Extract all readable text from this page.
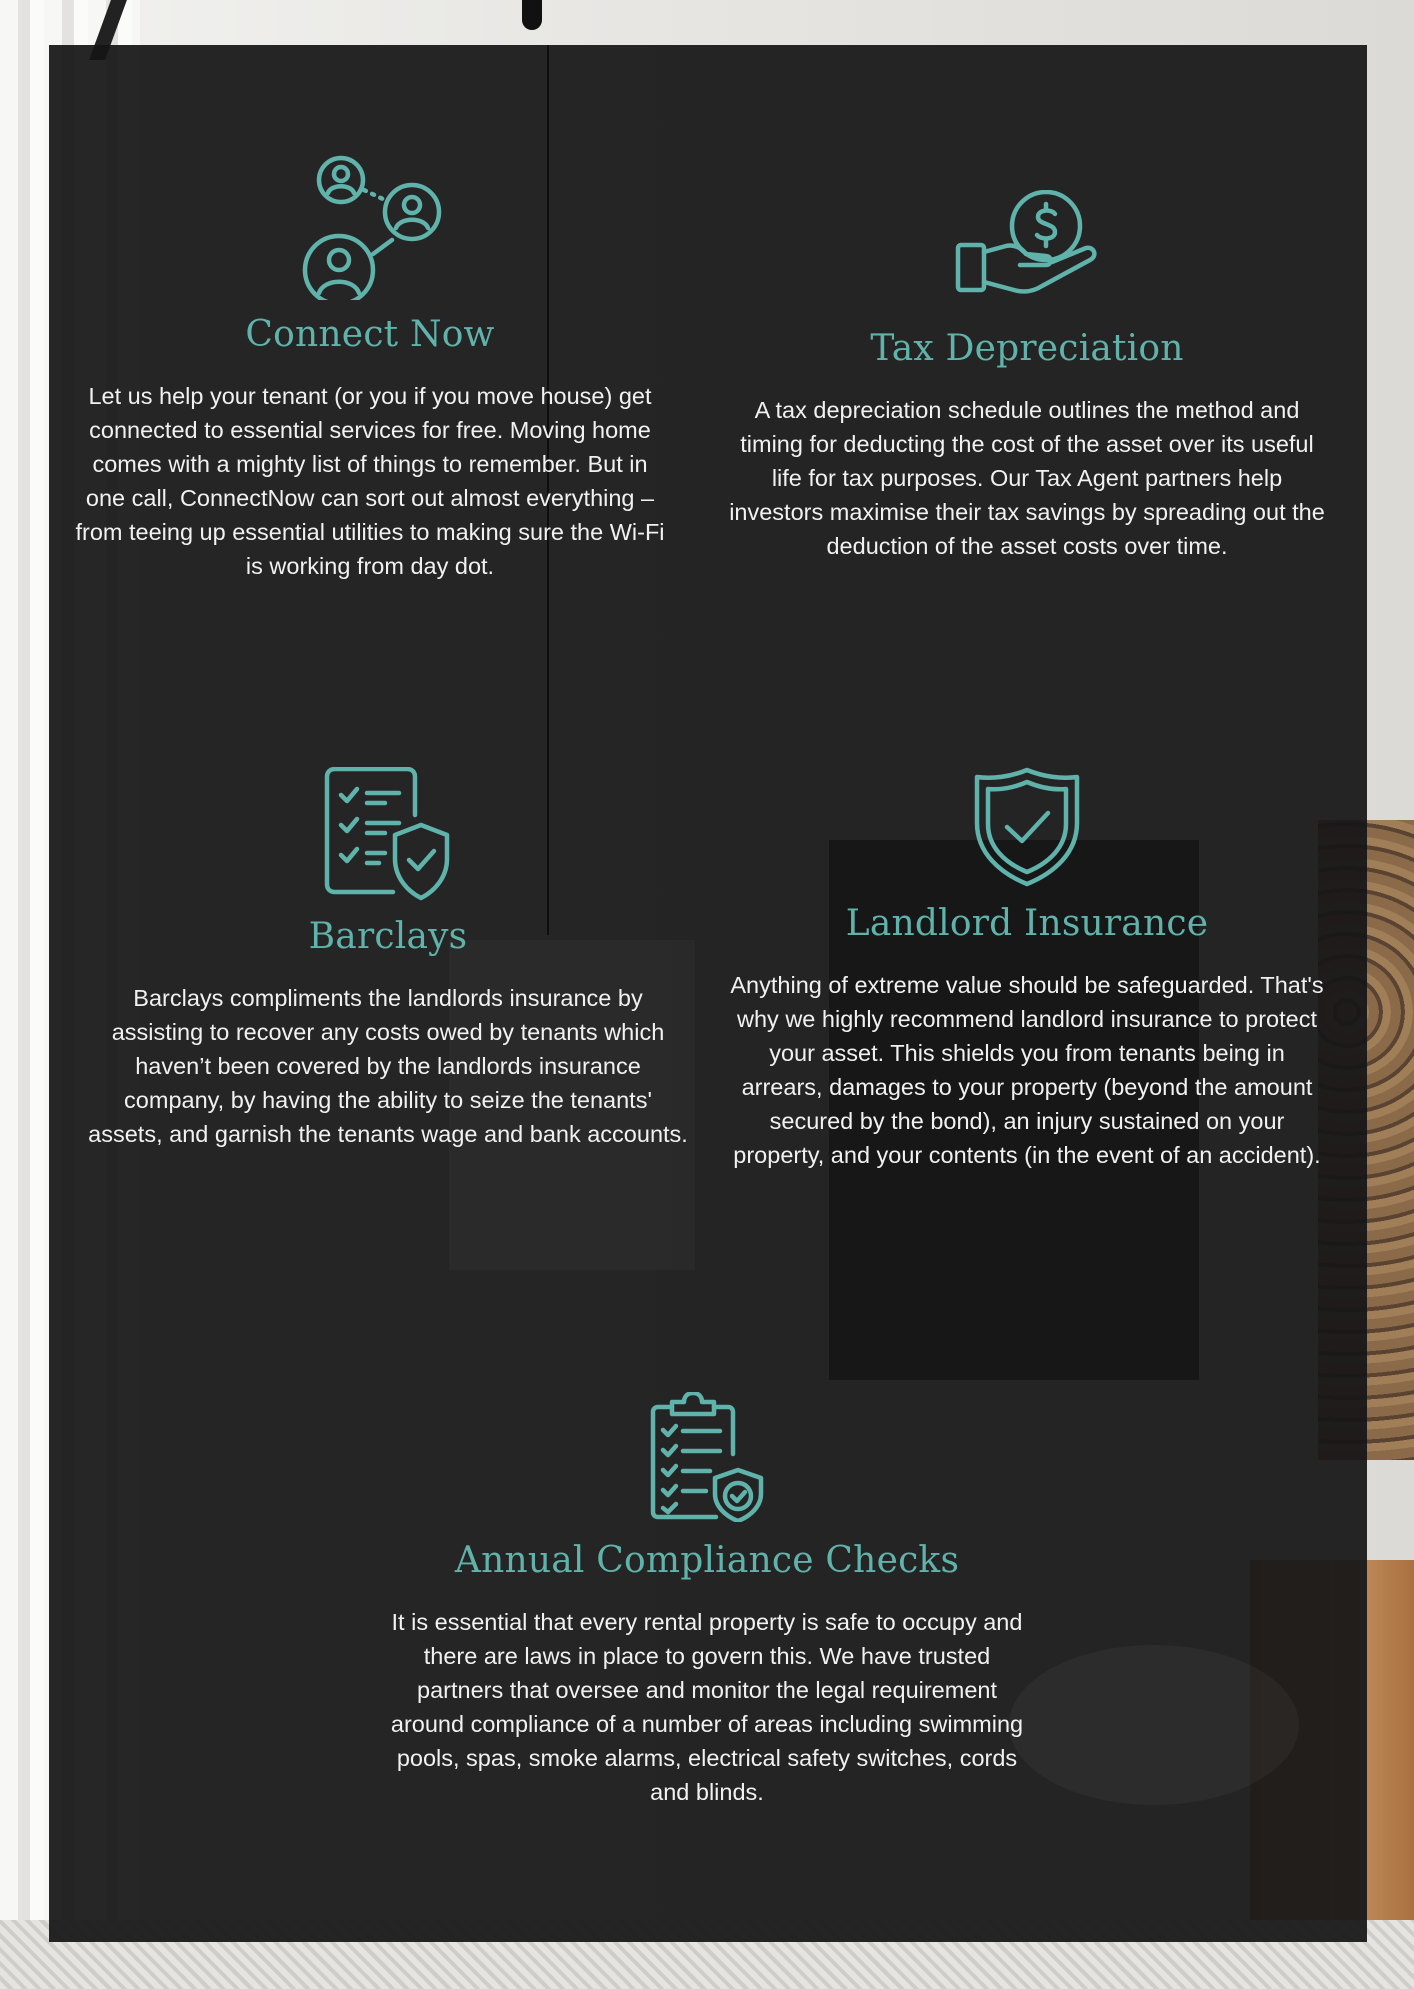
Connect Now

Let us help your tenant (or you if you move house) get connected to essential services for free. Moving home comes with a mighty list of things to remember. But in one call, ConnectNow can sort out almost everything – from teeing up essential utilities to making sure the Wi-Fi is working from day dot.

Tax Depreciation

A tax depreciation schedule outlines the method and timing for deducting the cost of the asset over its useful life for tax purposes. Our Tax Agent partners help investors maximise their tax savings by spreading out the deduction of the asset costs over time.

Barclays

Barclays compliments the landlords insurance by assisting to recover any costs owed by tenants which haven’t been covered by the landlords insurance company, by having the ability to seize the tenants' assets, and garnish the tenants wage and bank accounts.

Landlord Insurance

Anything of extreme value should be safeguarded. That's why we highly recommend landlord insurance to protect your asset. This shields you from tenants being in arrears, damages to your property (beyond the amount secured by the bond), an injury sustained on your property, and your contents (in the event of an accident).

Annual Compliance Checks

It is essential that every rental property is safe to occupy and there are laws in place to govern this. We have trusted partners that oversee and monitor the legal requirement around compliance of a number of areas including swimming pools, spas, smoke alarms, electrical safety switches, cords and blinds.
